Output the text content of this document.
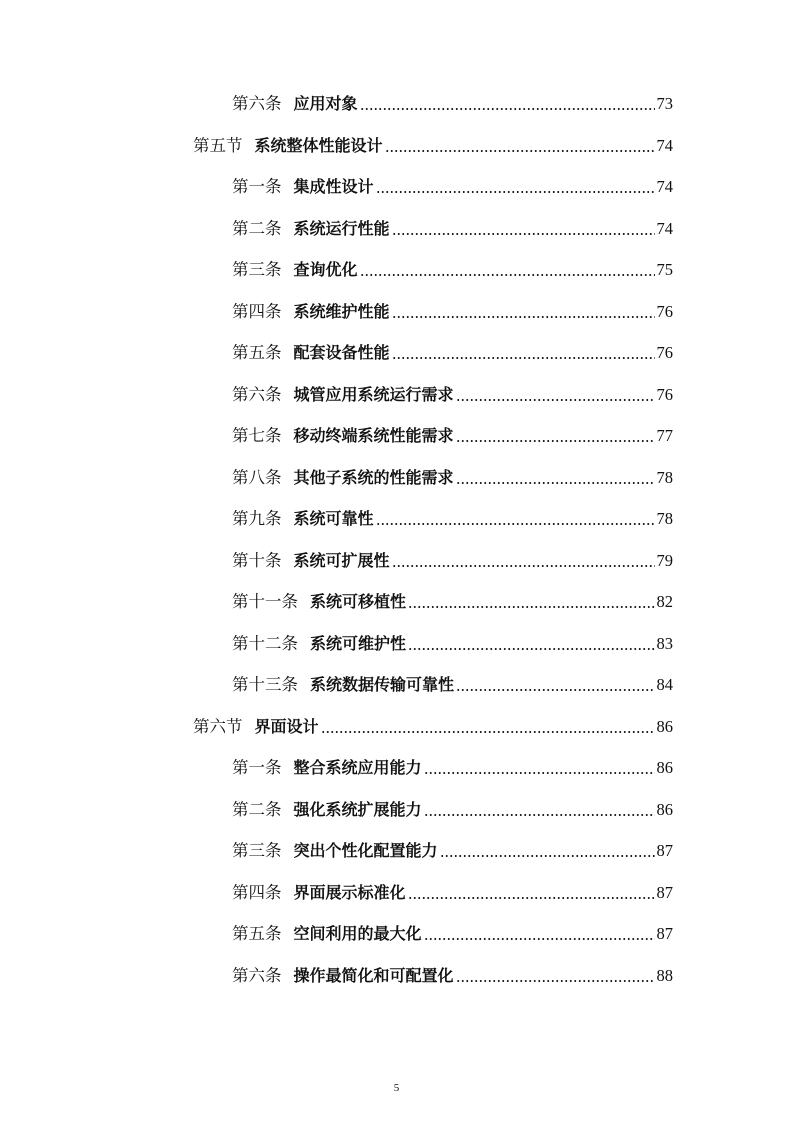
第六条 应用对象	73
第五节 系统整体性能设计	74
第一条 集成性设计	74
第二条 系统运行性能	74
第三条 查询优化	75
第四条 系统维护性能	76
第五条 配套设备性能	76
第六条 城管应用系统运行需求	76
第七条 移动终端系统性能需求	77
第八条 其他子系统的性能需求	78
第九条 系统可靠性	78
第十条 系统可扩展性	79
第十一条 系统可移植性	82
第十二条 系统可维护性	83
第十三条 系统数据传输可靠性	84
第六节 界面设计	86
第一条 整合系统应用能力	86
第二条 强化系统扩展能力	86
第三条 突出个性化配置能力	87
第四条 界面展示标准化	87
第五条 空间利用的最大化	87
第六条 操作最简化和可配置化	88
5
